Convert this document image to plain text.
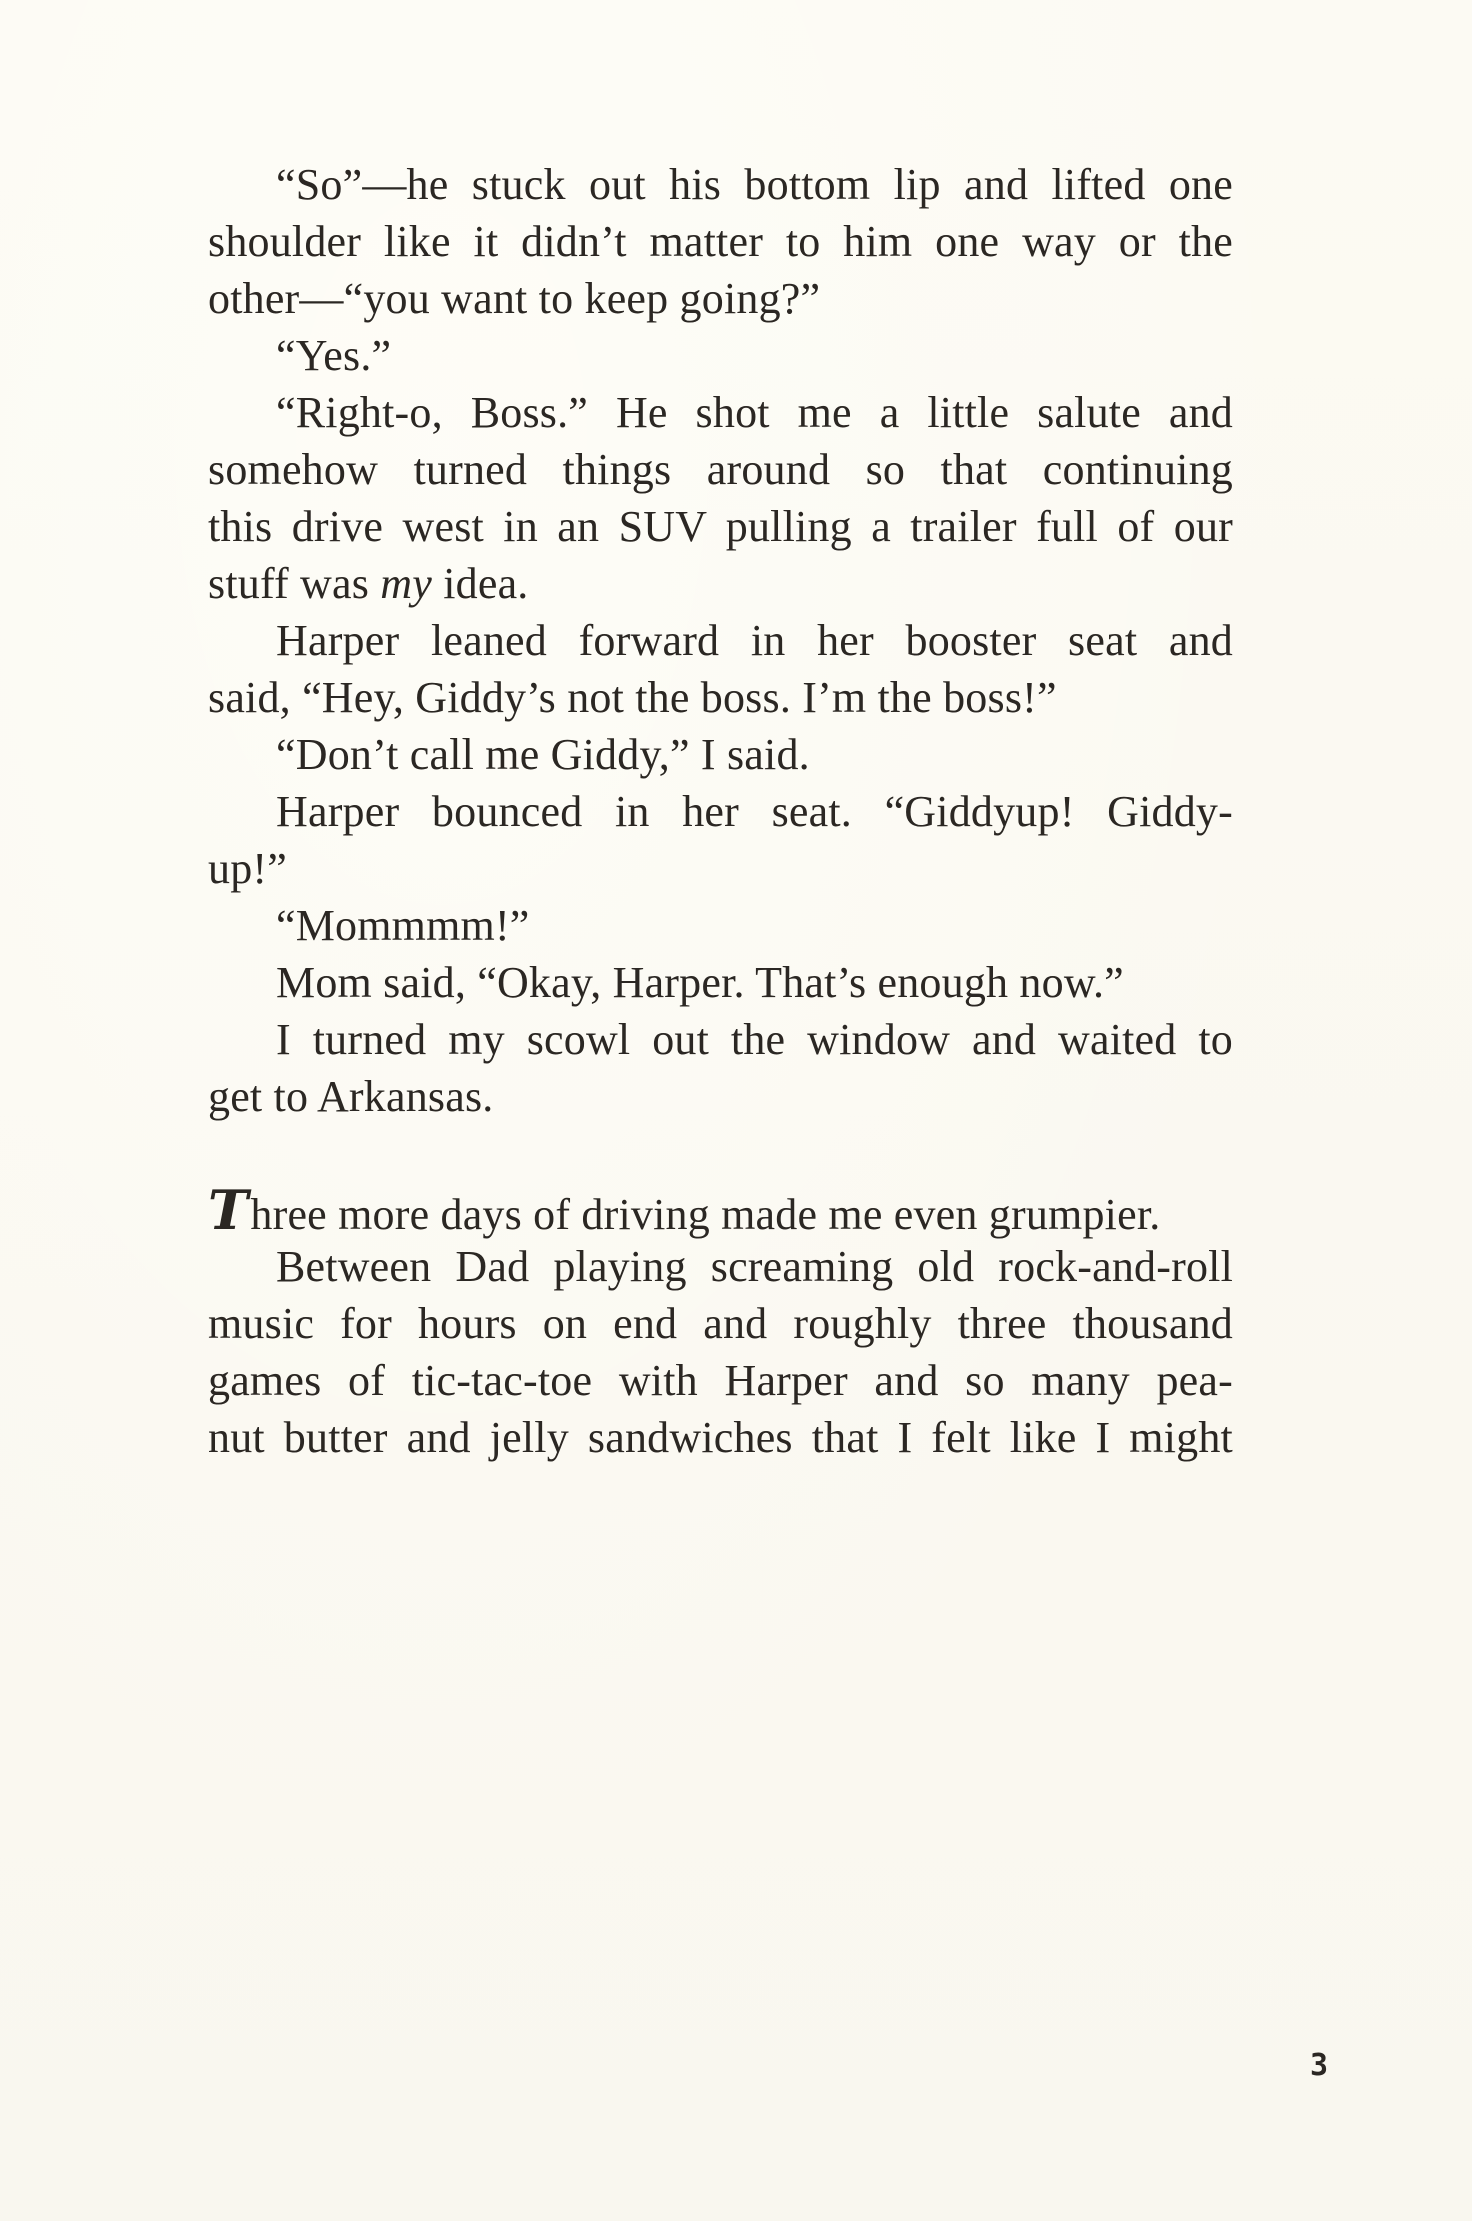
“So”—he stuck out his bottom lip and lifted one
shoulder like it didn’t matter to him one way or the
other—“you want to keep going?”
“Yes.”
“Right-o, Boss.” He shot me a little salute and
somehow turned things around so that continuing
this drive west in an SUV pulling a trailer full of our
stuff was my idea.
Harper leaned forward in her booster seat and
said, “Hey, Giddy’s not the boss. I’m the boss!”
“Don’t call me Giddy,” I said.
Harper bounced in her seat. “Giddyup! Giddy-
up!”
“Mommmm!”
Mom said, “Okay, Harper. That’s enough now.”
I turned my scowl out the window and waited to
get to Arkansas.
Three more days of driving made me even grumpier.
Between Dad playing screaming old rock-and-roll
music for hours on end and roughly three thousand
games of tic-tac-toe with Harper and so many pea-
nut butter and jelly sandwiches that I felt like I might
3
